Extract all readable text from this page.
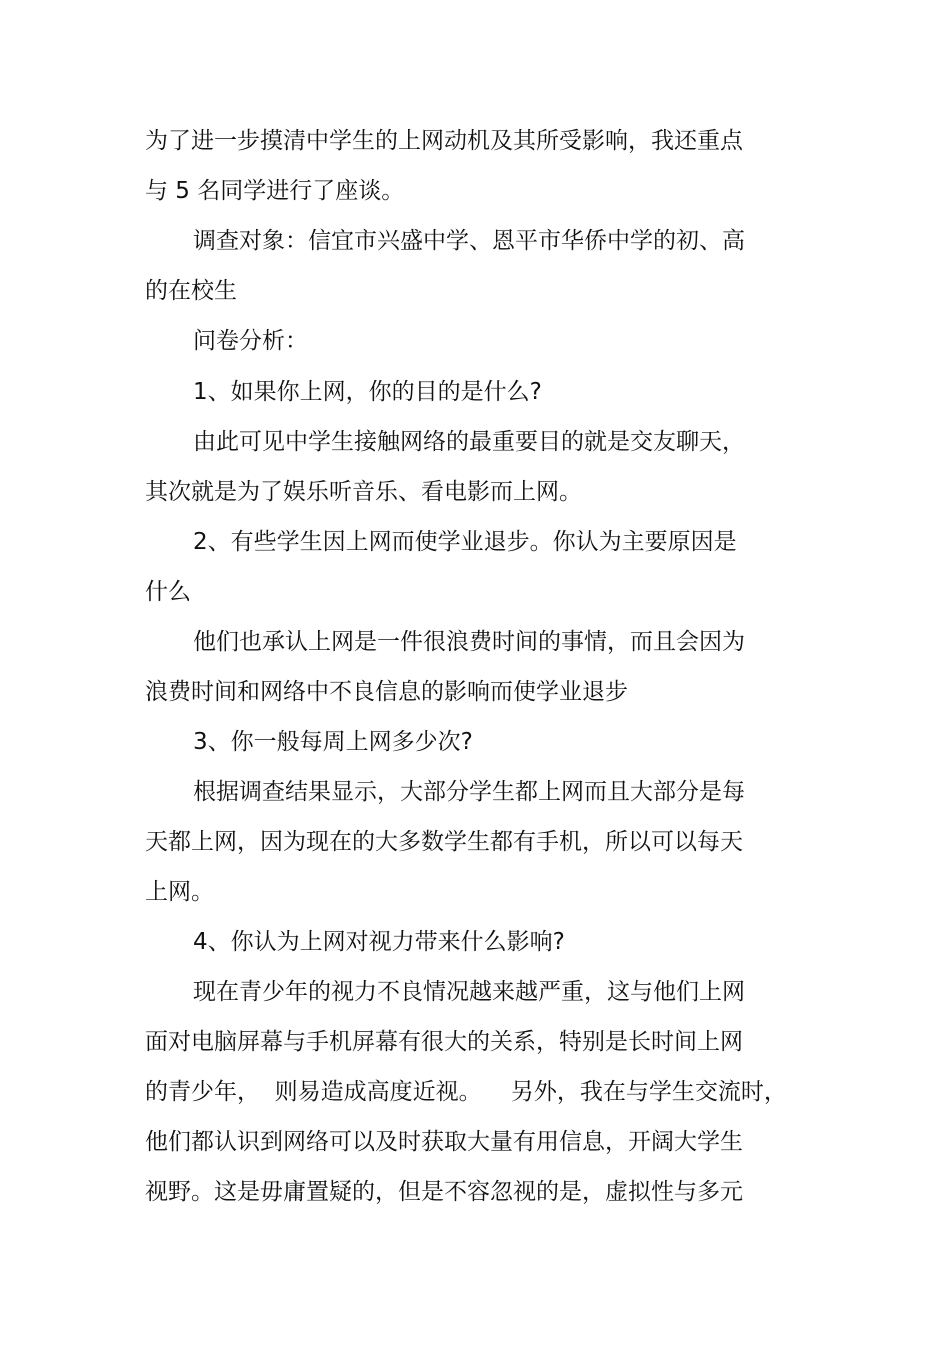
为了进一步摸清中学生的上网动机及其所受影响，我还重点
与 5 名同学进行了座谈。
调查对象：信宜市兴盛中学、恩平市华侨中学的初、高
的在校生
问卷分析：
1、如果你上网，你的目的是什么?
由此可见中学生接触网络的最重要目的就是交友聊天，
其次就是为了娱乐听音乐、看电影而上网。
2、有些学生因上网而使学业退步。你认为主要原因是
什么
他们也承认上网是一件很浪费时间的事情，而且会因为
浪费时间和网络中不良信息的影响而使学业退步
3、你一般每周上网多少次?
根据调查结果显示，大部分学生都上网而且大部分是每
天都上网，因为现在的大多数学生都有手机，所以可以每天
上网。
4、你认为上网对视力带来什么影响?
现在青少年的视力不良情况越来越严重，这与他们上网
面对电脑屏幕与手机屏幕有很大的关系，特别是长时间上网
的青少年，  则易造成高度近视。    另外，我在与学生交流时，
他们都认识到网络可以及时获取大量有用信息，开阔大学生
视野。这是毋庸置疑的，但是不容忽视的是，虚拟性与多元
